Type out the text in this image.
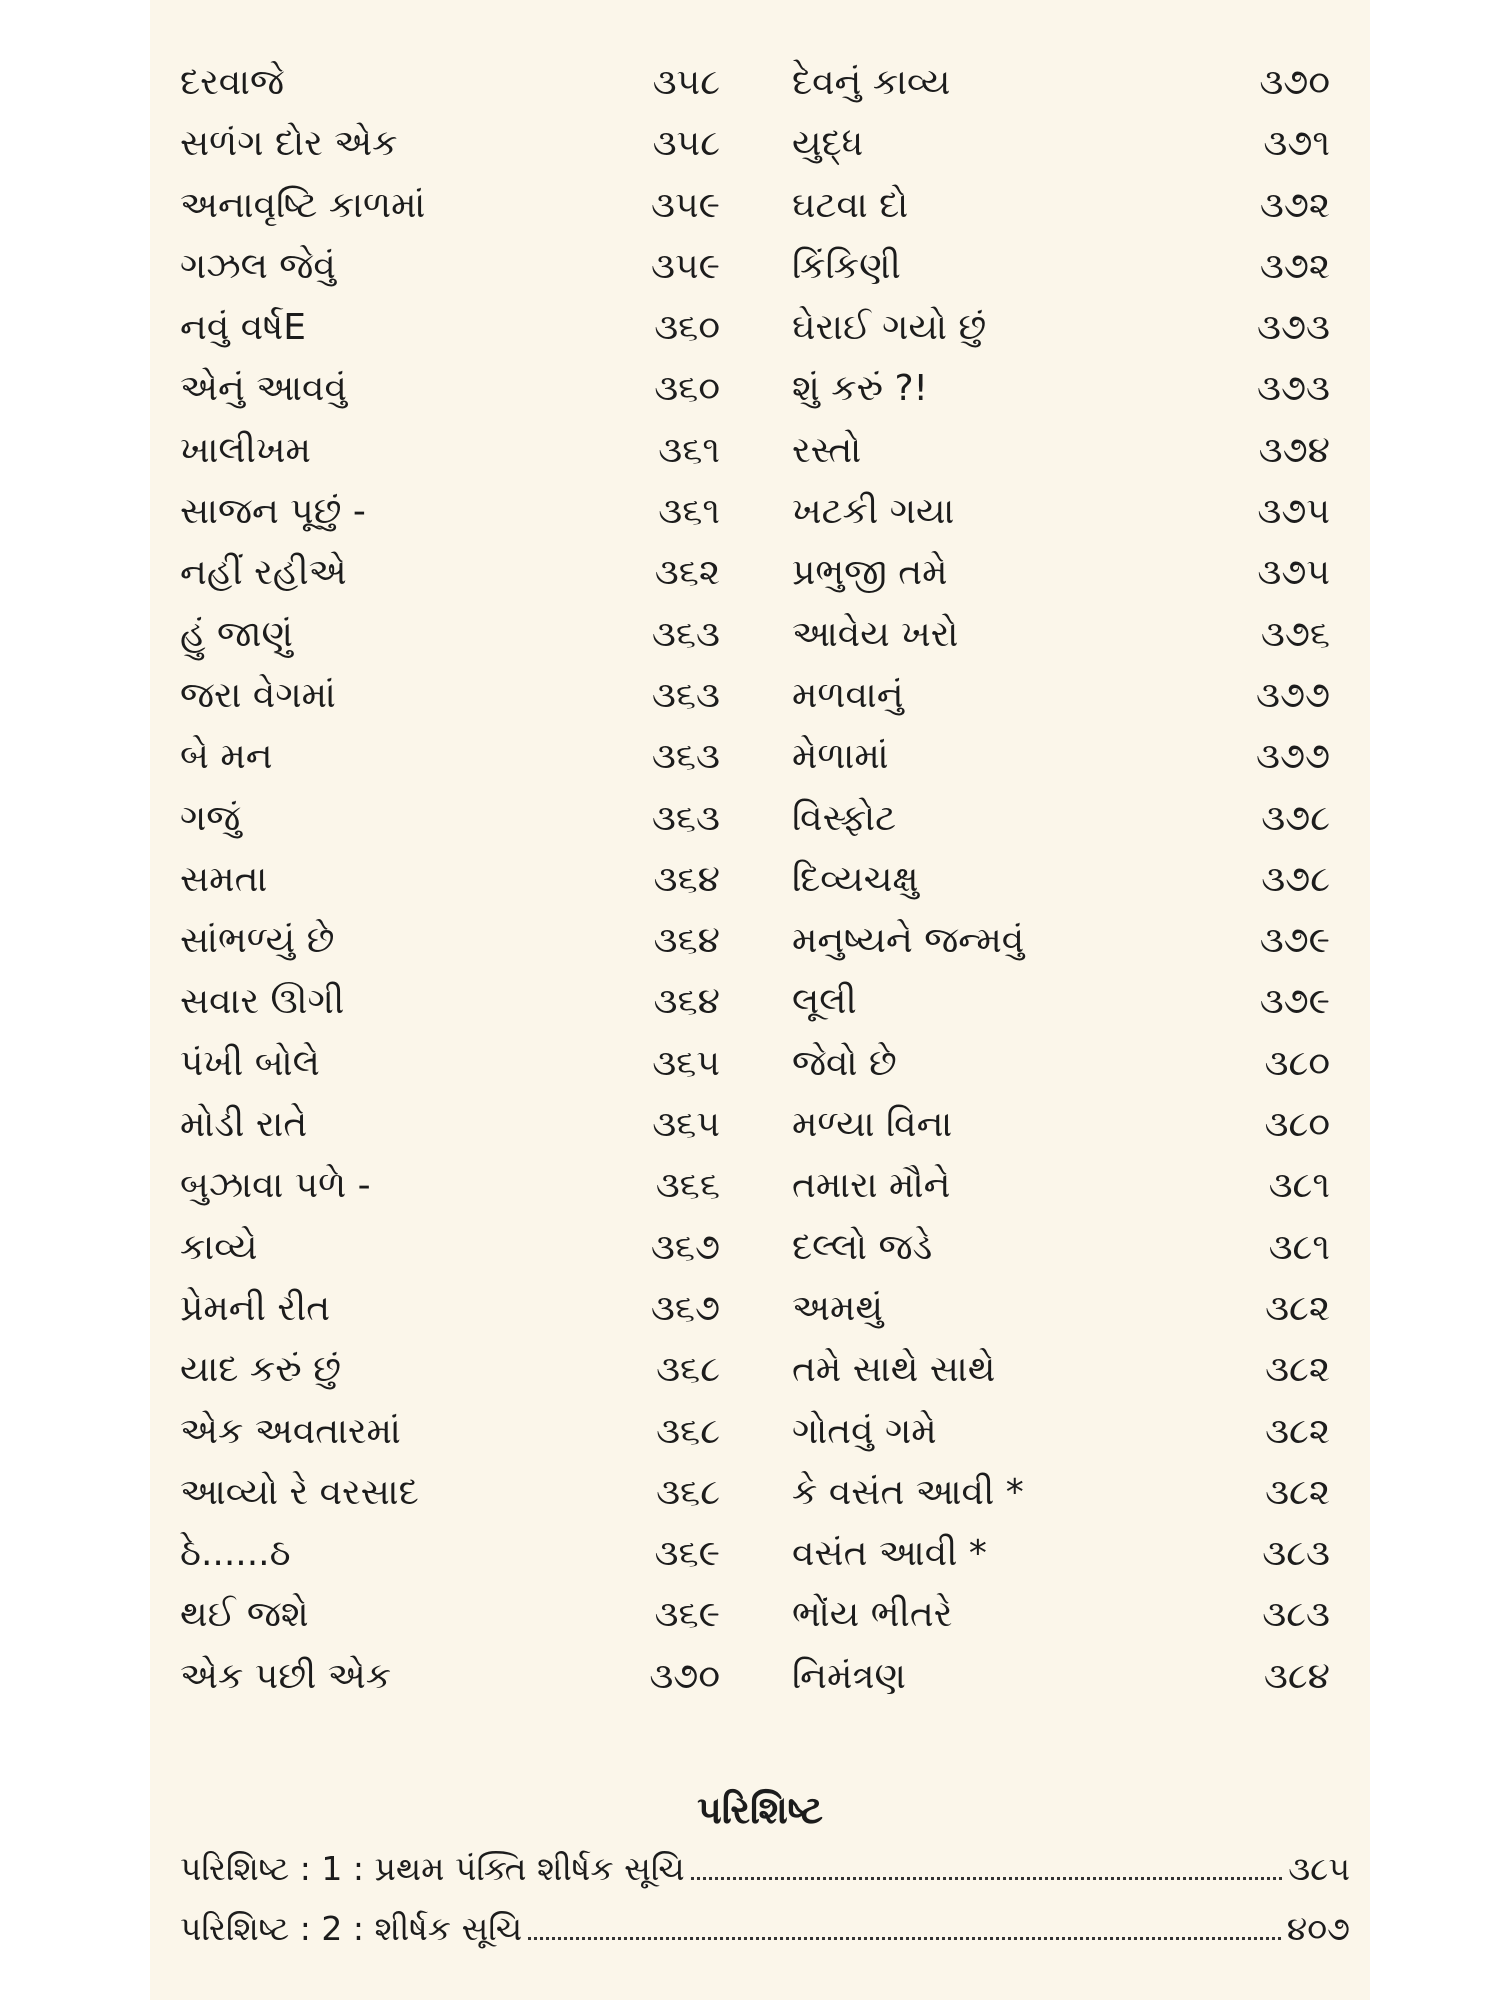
દરવાજે	૩૫૮ દેવનું કાવ્ય	૩૭૦
સળંગ દોર એક	૩૫૮ યુદ્ધ	૩૭૧
અનાવૃષ્ટિ કાળમાં	૩૫૯ ઘટવા દો	૩૭૨
ગઝલ જેવું	૩૫૯ કિંકિણી	૩૭૨
નવું વર્ષE	૩૬૦ ઘેરાઈ ગયો છું	૩૭૩
એનું આવવું	૩૬૦ શું કરું ?!	૩૭૩
ખાલીખમ	૩૬૧ રસ્તો	૩૭૪
સાજન પૂછું -	૩૬૧ ખટકી ગયા	૩૭૫
નહીં રહીએ	૩૬૨ પ્રભુજી તમે	૩૭૫
હું જાણું	૩૬૩ આવેય ખરો	૩૭૬
જરા વેગમાં	૩૬૩ મળવાનું	૩૭૭
બે મન	૩૬૩ મેળામાં	૩૭૭
ગજું	૩૬૩ વિસ્ફોટ	૩૭૮
સમતા	૩૬૪ દિવ્યચક્ષુ	૩૭૮
સાંભળ્યું છે	૩૬૪ મનુષ્યને જન્મવું	૩૭૯
સવાર ઊગી	૩૬૪ લૂલી	૩૭૯
પંખી બોલે	૩૬૫ જેવો છે	૩૮૦
મોડી રાતે	૩૬૫ મળ્યા વિના	૩૮૦
બુઝાવા પળે -	૩૬૬ તમારા મૌને	૩૮૧
કાવ્યે	૩૬૭ દલ્લો જડે	૩૮૧
પ્રેમની રીત	૩૬૭ અમથું	૩૮૨
યાદ કરું છું	૩૬૮ તમે સાથે સાથે	૩૮૨
એક અવતારમાં	૩૬૮ ગોતવું ગમે	૩૮૨
આવ્યો રે વરસાદ	૩૬૮ કે વસંત આવી *	૩૮૨
ઠે......ઠ	૩૬૯ વસંત આવી *	૩૮૩
થઈ જશે	૩૬૯ ભોંય ભીતરે	૩૮૩
એક પછી એક	૩૭૦ નિમંત્રણ	૩૮૪
પરિશિષ્ટ
પરિશિષ્ટ : 1 : પ્રથમ પંક્તિ શીર્ષક સૂચિ	૩૮૫
પરિશિષ્ટ : 2 : શીર્ષક સૂચિ	૪૦૭
